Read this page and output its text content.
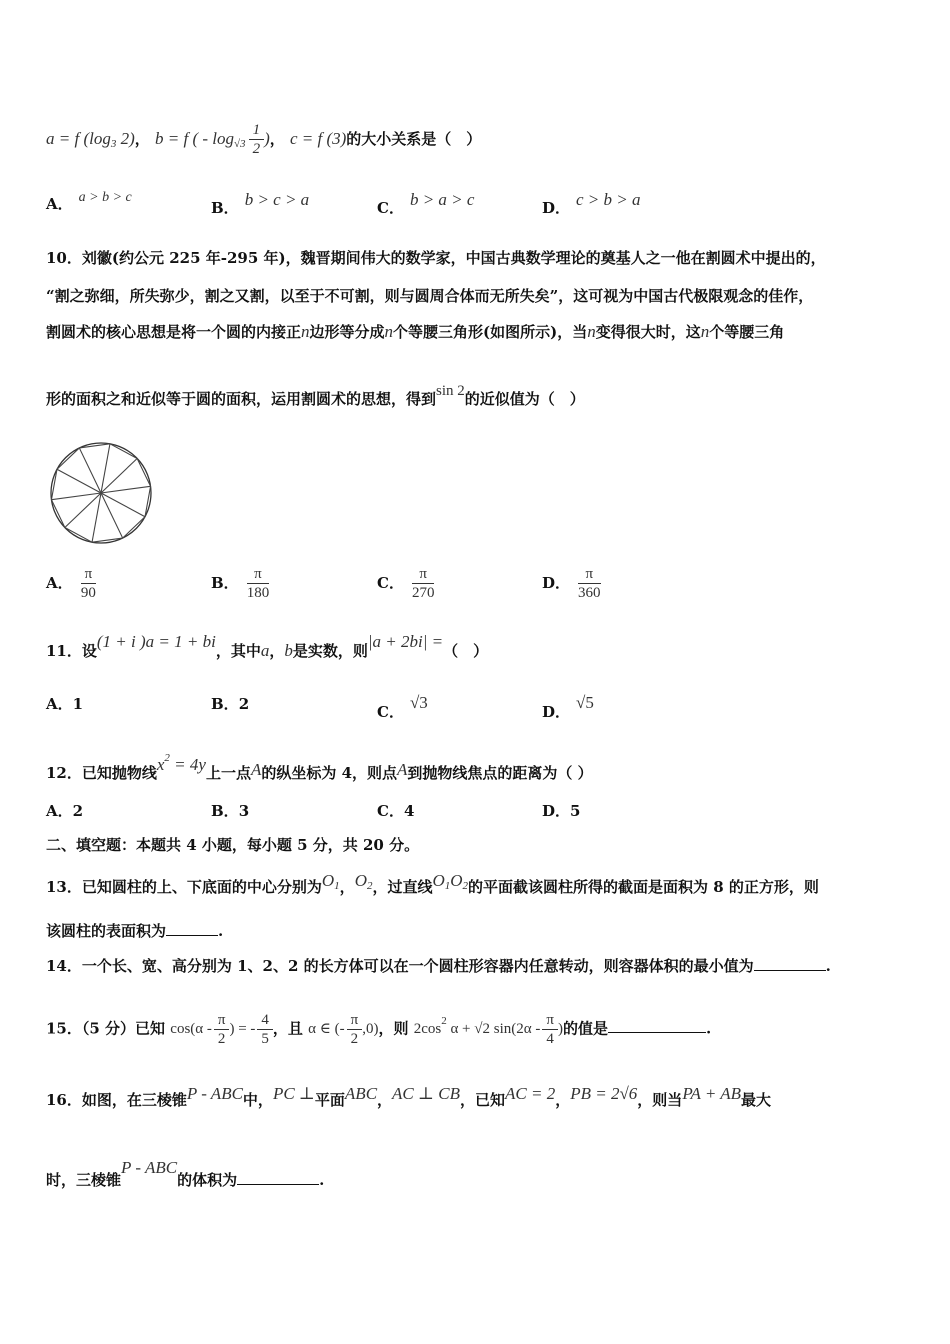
a = f ($\log_3$ 2)， b = f ( - $\log_{√3} \frac{1}{2}$ )， c = f (3)的大小关系是（　）
A． a > b > c
B． b > c > a	C． b > a > c	D． c > b > a
10．刘徽(约公元 225 年-295 年)，魏晋期间伟大的数学家，中国古典数学理论的奠基人之一他在割圆术中提出的，
“割之弥细，所失弥少，割之又割，以至于不可割，则与圆周合体而无所失矣”，这可视为中国古代极限观念的佳作，
割圆术的核心思想是将一个圆的内接正n边形等分成n个等腰三角形(如图所示)，当n变得很大时，这n个等腰三角
形的面积之和近似等于圆的面积，运用割圆术的思想，得到sin 2的近似值为（　）
A． $\frac{\pi}{90}$	B． $\frac{\pi}{180}$	C． $\frac{\pi}{270}$	D． $\frac{\pi}{360}$
11．设(1 + i )a = 1 + bi，其中a，b是实数，则|a + 2bi| =（　）
A．1	B．2	C． √3	D． √5
12．已知抛物线$x^2 = 4y$上一点A的纵坐标为 4，则点A到抛物线焦点的距离为（ ）
A．2	B．3	C．4	D．5
二、填空题：本题共 4 小题，每小题 5 分，共 20 分。
13．已知圆柱的上、下底面的中心分别为$O_1$，$O_2$，过直线$O_1O_2$的平面截该圆柱所得的截面是面积为 8 的正方形，则
该圆柱的表面积为	.
14．一个长、宽、高分别为 1、2、2 的长方体可以在一个圆柱形容器内任意转动，则容器体积的最小值为	.
15．（5 分）已知 $\cos(\alpha - \frac{\pi}{2}$ ) = - $\frac{4}{5}$ ，且 α ∈ (- $\frac{\pi}{2} ,0$)，则 $2\cos^2$ α + √2 $\sin(2\alpha - \frac{\pi}{4}$ )的值是	.
16．如图，在三棱锥P - ABC中，PC ⊥平面ABC，AC ⊥ CB，已知AC = 2，PB = 2√6，则当PA + AB最大
时，三棱锥P - ABC的体积为	.
